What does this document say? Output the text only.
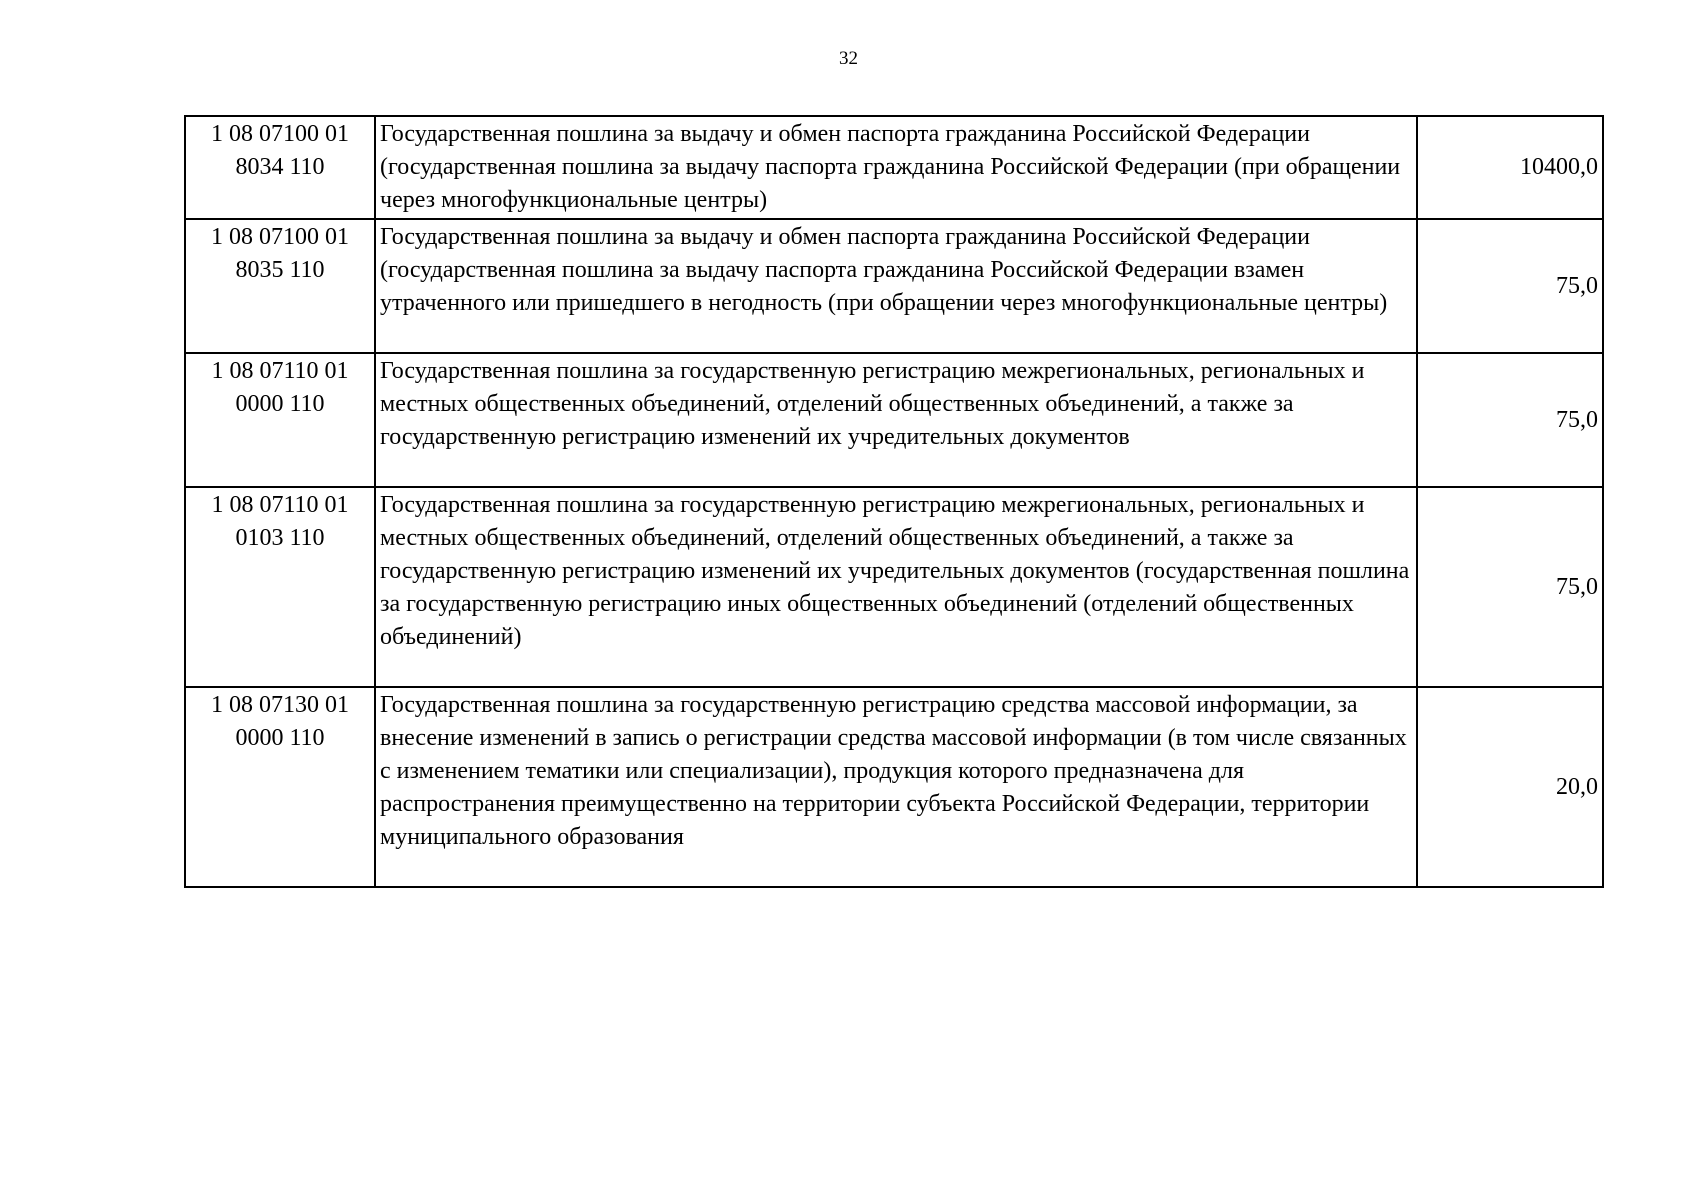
32
1 08 07100 01
8034 110	Государственная пошлина за выдачу и обмен паспорта гражданина Российской Федерации (государственная пошлина за выдачу паспорта гражданина Российской Федерации (при обращении через многофункциональные центры)	10400,0

1 08 07100 01
8035 110	Государственная пошлина за выдачу и обмен паспорта гражданина Российской Федерации (государственная пошлина за выдачу паспорта гражданина Российской Федерации взамен утраченного или пришедшего в негодность (при обращении через многофункциональные центры)	75,0

1 08 07110 01
0000 110	Государственная пошлина за государственную регистрацию межрегиональных, региональных и местных общественных объединений, отделений общественных объединений, а также за государственную регистрацию изменений их учредительных документов	75,0

1 08 07110 01
0103 110	Государственная пошлина за государственную регистрацию межрегиональных, региональных и местных общественных объединений, отделений общественных объединений, а также за государственную регистрацию изменений их учредительных документов (государственная пошлина за государственную регистрацию иных общественных объединений (отделений общественных объединений)	75,0

1 08 07130 01
0000 110	Государственная пошлина за государственную регистрацию средства массовой информации, за внесение изменений в запись о регистрации средства массовой информации (в том числе связанных с изменением тематики или специализации), продукция которого предназначена для распространения преимущественно на территории субъекта Российской Федерации, территории муниципального образования	20,0
